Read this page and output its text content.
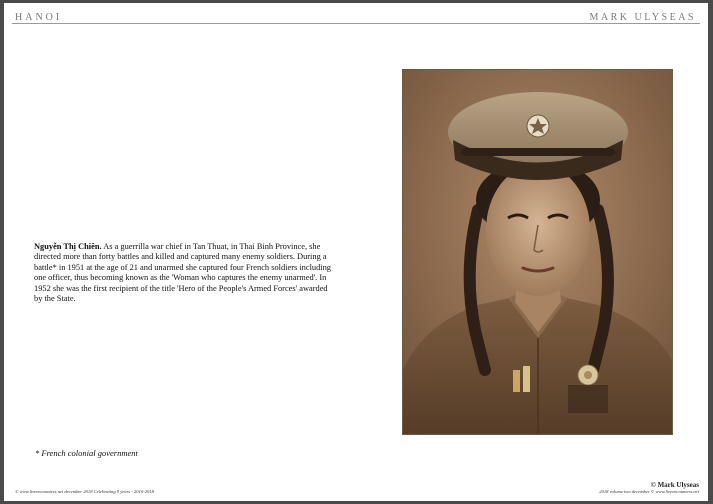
HANOI	MARK ULYSEAS
Nguyễn Thị Chiên. As a guerrilla war chief in Tan Thuat, in Thai Binh Province, she directed more than forty battles and killed and captured many enemy soldiers. During a battle* in 1951 at the age of 21 and unarmed she captured four French soldiers including one officer, thus becoming known as the 'Woman who captures the enemy unarmed'. In 1952 she was the first recipient of the title 'Hero of the People's Armed Forces' awarded by the State.
* French colonial government
© www.liveencounters.net december 2018 Celebrating 9 years - 2010-2018
© Mark Ulyseas
2018 volume two december © www.liveencounters.net
